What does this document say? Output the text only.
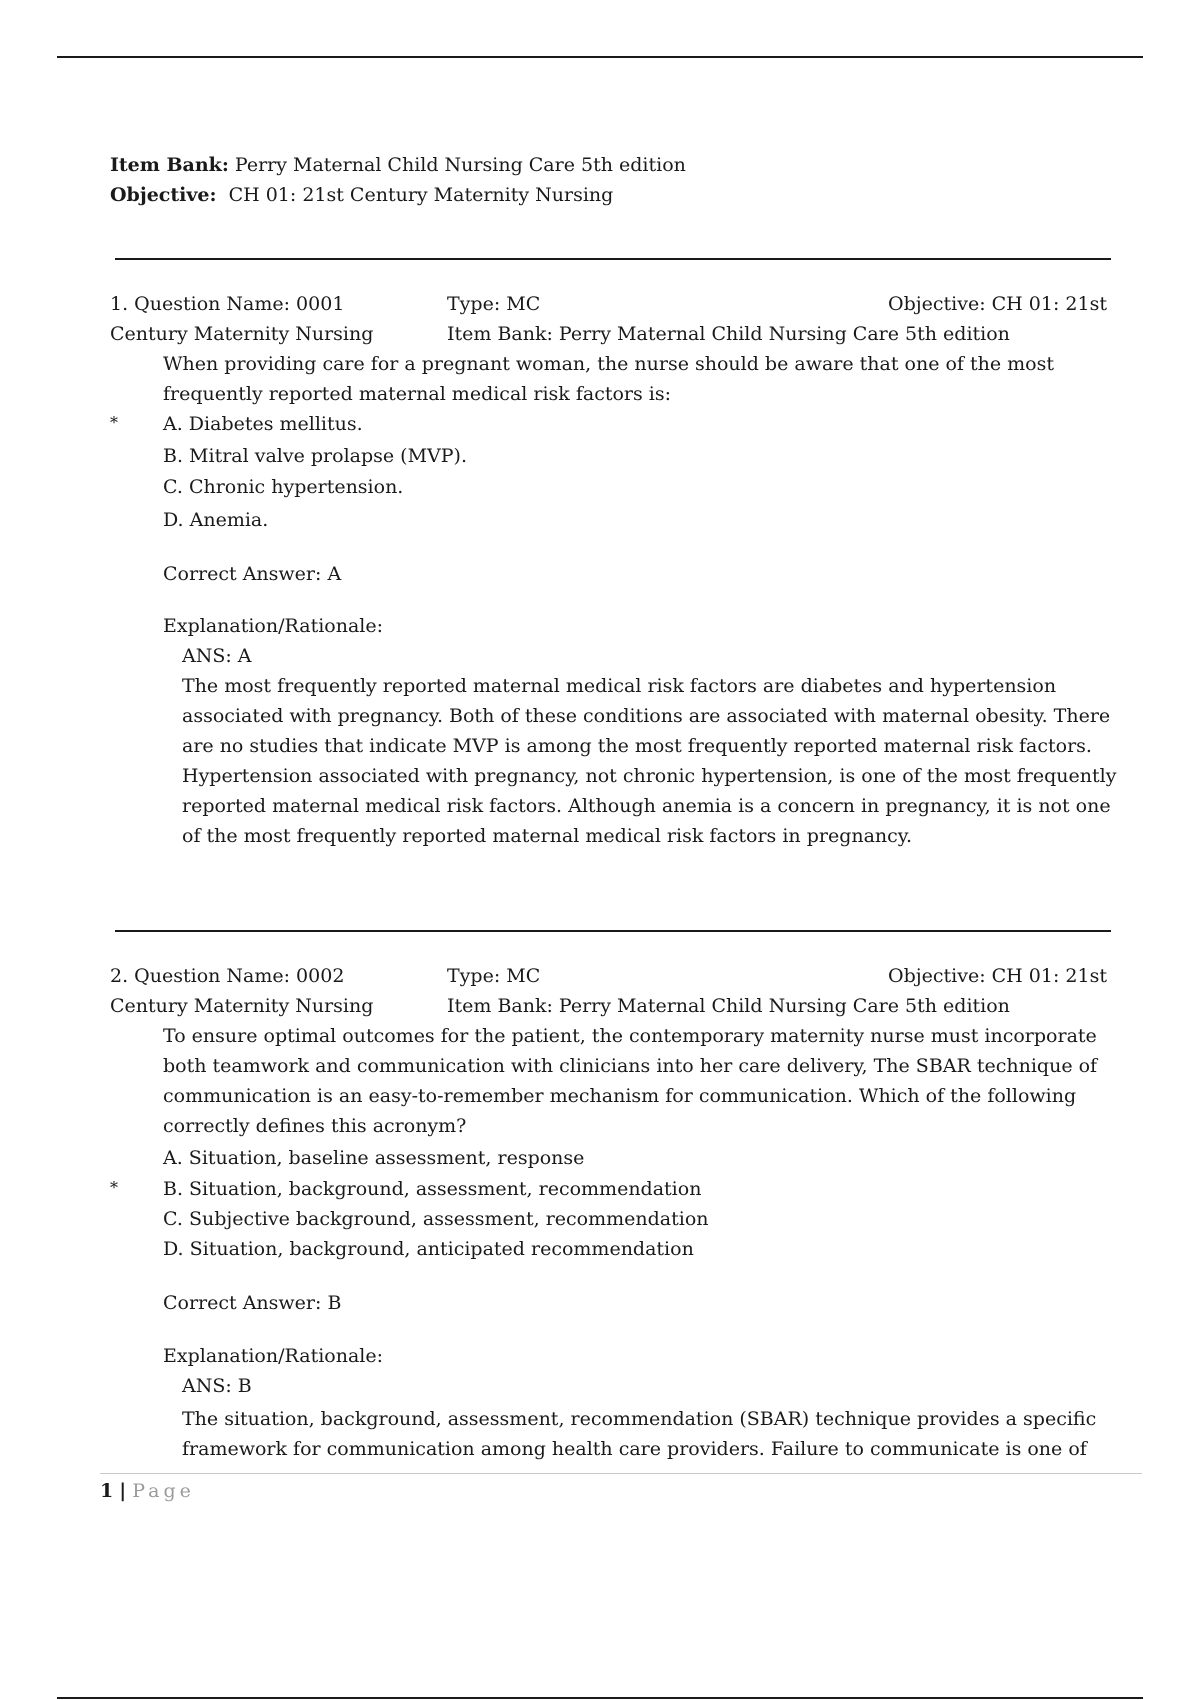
Item Bank: Perry Maternal Child Nursing Care 5th edition
Objective: CH 01: 21st Century Maternity Nursing
1. Question Name: 0001	Type: MC	Objective: CH 01: 21st
Century Maternity Nursing	Item Bank: Perry Maternal Child Nursing Care 5th edition
When providing care for a pregnant woman, the nurse should be aware that one of the most
frequently reported maternal medical risk factors is:
* A. Diabetes mellitus.
B. Mitral valve prolapse (MVP).
C. Chronic hypertension.
D. Anemia.
Correct Answer: A
Explanation/Rationale:
ANS: A
The most frequently reported maternal medical risk factors are diabetes and hypertension
associated with pregnancy. Both of these conditions are associated with maternal obesity. There
are no studies that indicate MVP is among the most frequently reported maternal risk factors.
Hypertension associated with pregnancy, not chronic hypertension, is one of the most frequently
reported maternal medical risk factors. Although anemia is a concern in pregnancy, it is not one
of the most frequently reported maternal medical risk factors in pregnancy.
2. Question Name: 0002	Type: MC	Objective: CH 01: 21st
Century Maternity Nursing	Item Bank: Perry Maternal Child Nursing Care 5th edition
To ensure optimal outcomes for the patient, the contemporary maternity nurse must incorporate
both teamwork and communication with clinicians into her care delivery, The SBAR technique of
communication is an easy-to-remember mechanism for communication. Which of the following
correctly defines this acronym?
A. Situation, baseline assessment, response
* B. Situation, background, assessment, recommendation
C. Subjective background, assessment, recommendation
D. Situation, background, anticipated recommendation
Correct Answer: B
Explanation/Rationale:
ANS: B
The situation, background, assessment, recommendation (SBAR) technique provides a specific
framework for communication among health care providers. Failure to communicate is one of
1 | Page
